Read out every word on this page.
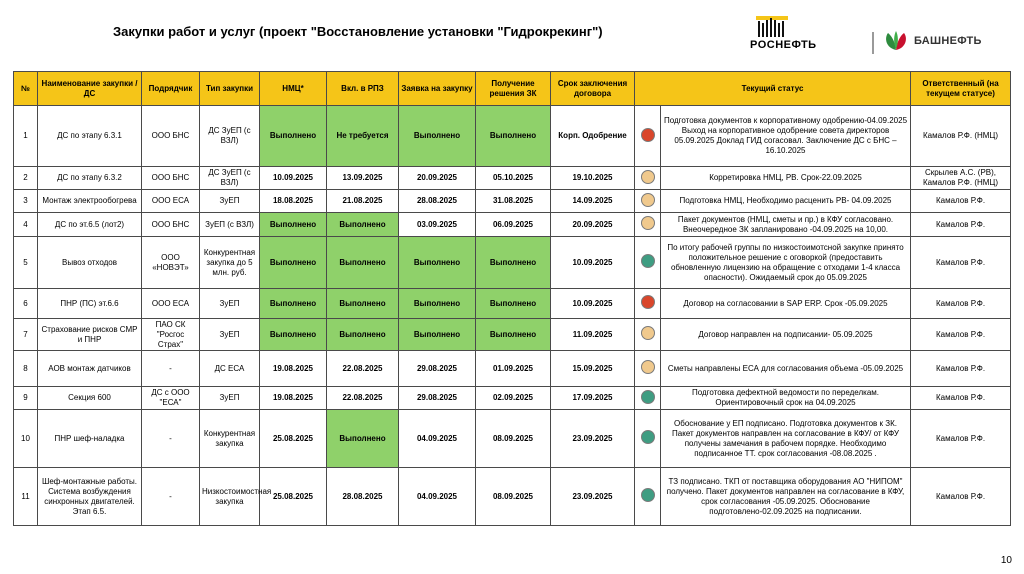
Закупки работ и услуг (проект "Восстановление установки "Гидрокрекинг")
РОСНЕФТЬ	БАШНЕФТЬ
№	Наименование закупки / ДС	Подрядчик	Тип закупки	НМЦ*	Вкл. в РПЗ	Заявка на закупку	Получение решения ЗК	Срок заключения договора	Текущий статус		Ответственный (на текущем статусе)
1	ДС по этапу 6.3.1	ООО БНС	ДС ЗуЕП (с ВЗЛ)	Выполнено	Не требуется	Выполнено	Выполнено	Корп. Одобрение		Подготовка документов к корпоративному одобрению-04.09.2025 Выход на корпоративное одобрение совета директоров 05.09.2025 Доклад ГИД согасовал. Заключение ДС с БНС – 16.10.2025	Камалов Р.Ф. (НМЦ)
2	ДС по этапу 6.3.2	ООО БНС	ДС ЗуЕП (с ВЗЛ)	10.09.2025	13.09.2025	20.09.2025	05.10.2025	19.10.2025		Корретировка НМЦ, РВ. Срок-22.09.2025	Скрылев А.С. (РВ), Камалов Р.Ф. (НМЦ)
3	Монтаж электрообогрева	ООО ЕСА	ЗуЕП	18.08.2025	21.08.2025	28.08.2025	31.08.2025	14.09.2025		Подготовка НМЦ, Необходимо расценить РВ- 04.09.2025	Камалов Р.Ф.
4	ДС по эт.6.5 (лот2)	ООО БНС	ЗуЕП (с ВЗЛ)	Выполнено	Выполнено	03.09.2025	06.09.2025	20.09.2025		Пакет документов (НМЦ, сметы и пр.) в КФУ согласовано. Внеочередное ЗК запланировано -04.09.2025 на 10,00.	Камалов Р.Ф.
5	Вывоз отходов	ООО «НОВЭТ»	Конкурентная закупка до 5 млн. руб.	Выполнено	Выполнено	Выполнено	Выполнено	10.09.2025		По итогу рабочей группы по низкостоимотсной закупке принято положительное решение с оговоркой (предоставить обновленную лицензию на обращение с отходами 1-4 класса опасности). Ожидаемый срок до 05.09.2025	Камалов Р.Ф.
6	ПНР (ПС) эт.6.6	ООО ЕСА	ЗуЕП	Выполнено	Выполнено	Выполнено	Выполнено	10.09.2025		Договор на согласовании в SAP ERP. Срок -05.09.2025	Камалов Р.Ф.
7	Страхование рисков СМР и ПНР	ПАО СК "Росгос Страх"	ЗуЕП	Выполнено	Выполнено	Выполнено	Выполнено	11.09.2025		Договор направлен на подписании- 05.09.2025	Камалов Р.Ф.
8	АОВ монтаж датчиков	-	ДС ЕСА	19.08.2025	22.08.2025	29.08.2025	01.09.2025	15.09.2025		Сметы направлены ЕСА для согласования объема -05.09.2025	Камалов Р.Ф.
9	Секция 600	ДС с ООО "ЕСА"	ЗуЕП	19.08.2025	22.08.2025	29.08.2025	02.09.2025	17.09.2025		Подготовка дефектной ведомости по переделкам. Ориентировочный срок на 04.09.2025	Камалов Р.Ф.
10	ПНР шеф-наладка	-	Конкурентная закупка	25.08.2025	Выполнено	04.09.2025	08.09.2025	23.09.2025		Обоснование у ЕП подписано. Подготовка документов к ЗК. Пакет документов направлен на согласование в КФУ/ от КФУ получены замечания в рабочем порядке. Необходимо подписанное ТТ. срок согласования -08.08.2025 .	Камалов Р.Ф.
11	Шеф-монтажные работы. Система возбуждения синхронных двигателей. Этап 6.5.	-	Низкостоимостная закупка	25.08.2025	28.08.2025	04.09.2025	08.09.2025	23.09.2025		ТЗ подписано. ТКП от поставщика оборудования АО "НИПОМ" получено. Пакет документов направлен на согласование в КФУ, срок согласования -05.09.2025. Обоснование подготовлено-02.09.2025 на подписании.	Камалов Р.Ф.
10
